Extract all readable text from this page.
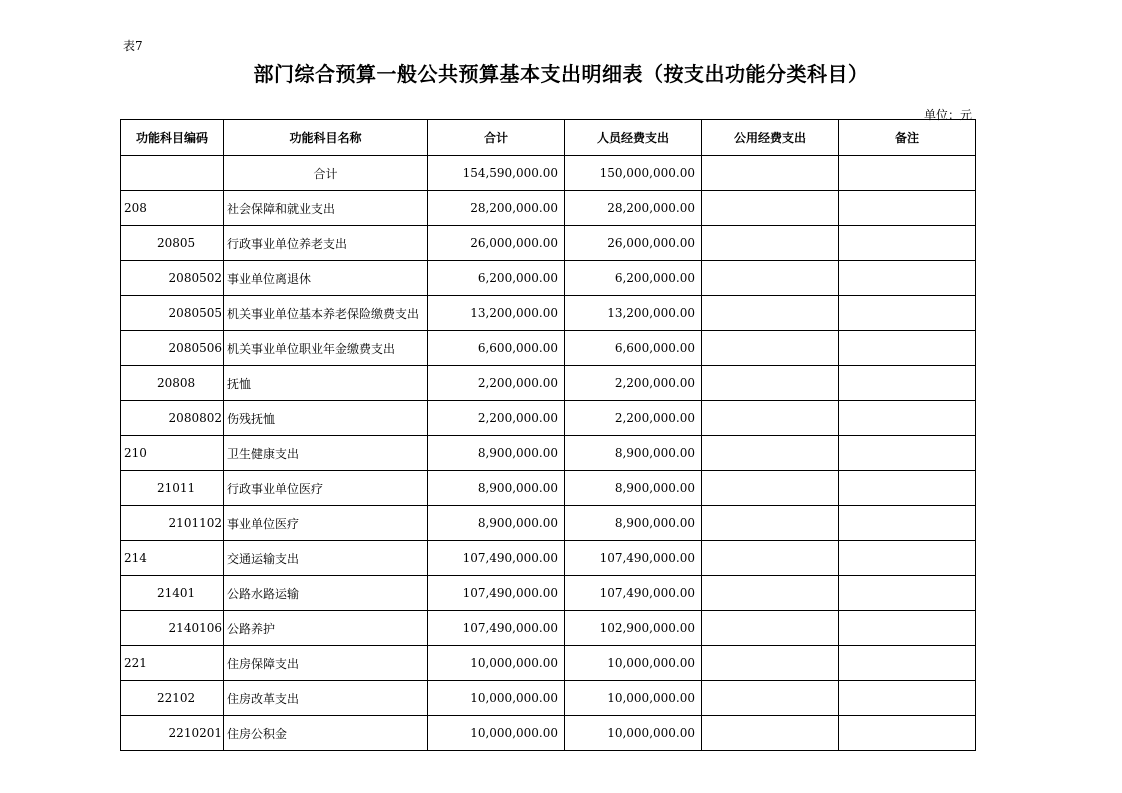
表7
部门综合预算一般公共预算基本支出明细表（按支出功能分类科目）
单位：元
功能科目编码	功能科目名称	合计	人员经费支出	公用经费支出	备注
	合计	154,590,000.00	150,000,000.00		
208	社会保障和就业支出	28,200,000.00	28,200,000.00		
20805	行政事业单位养老支出	26,000,000.00	26,000,000.00		
2080502	事业单位离退休	6,200,000.00	6,200,000.00		
2080505	机关事业单位基本养老保险缴费支出	13,200,000.00	13,200,000.00		
2080506	机关事业单位职业年金缴费支出	6,600,000.00	6,600,000.00		
20808	抚恤	2,200,000.00	2,200,000.00		
2080802	伤残抚恤	2,200,000.00	2,200,000.00		
210	卫生健康支出	8,900,000.00	8,900,000.00		
21011	行政事业单位医疗	8,900,000.00	8,900,000.00		
2101102	事业单位医疗	8,900,000.00	8,900,000.00		
214	交通运输支出	107,490,000.00	107,490,000.00		
21401	公路水路运输	107,490,000.00	107,490,000.00		
2140106	公路养护	107,490,000.00	102,900,000.00		
221	住房保障支出	10,000,000.00	10,000,000.00		
22102	住房改革支出	10,000,000.00	10,000,000.00		
2210201	住房公积金	10,000,000.00	10,000,000.00		
